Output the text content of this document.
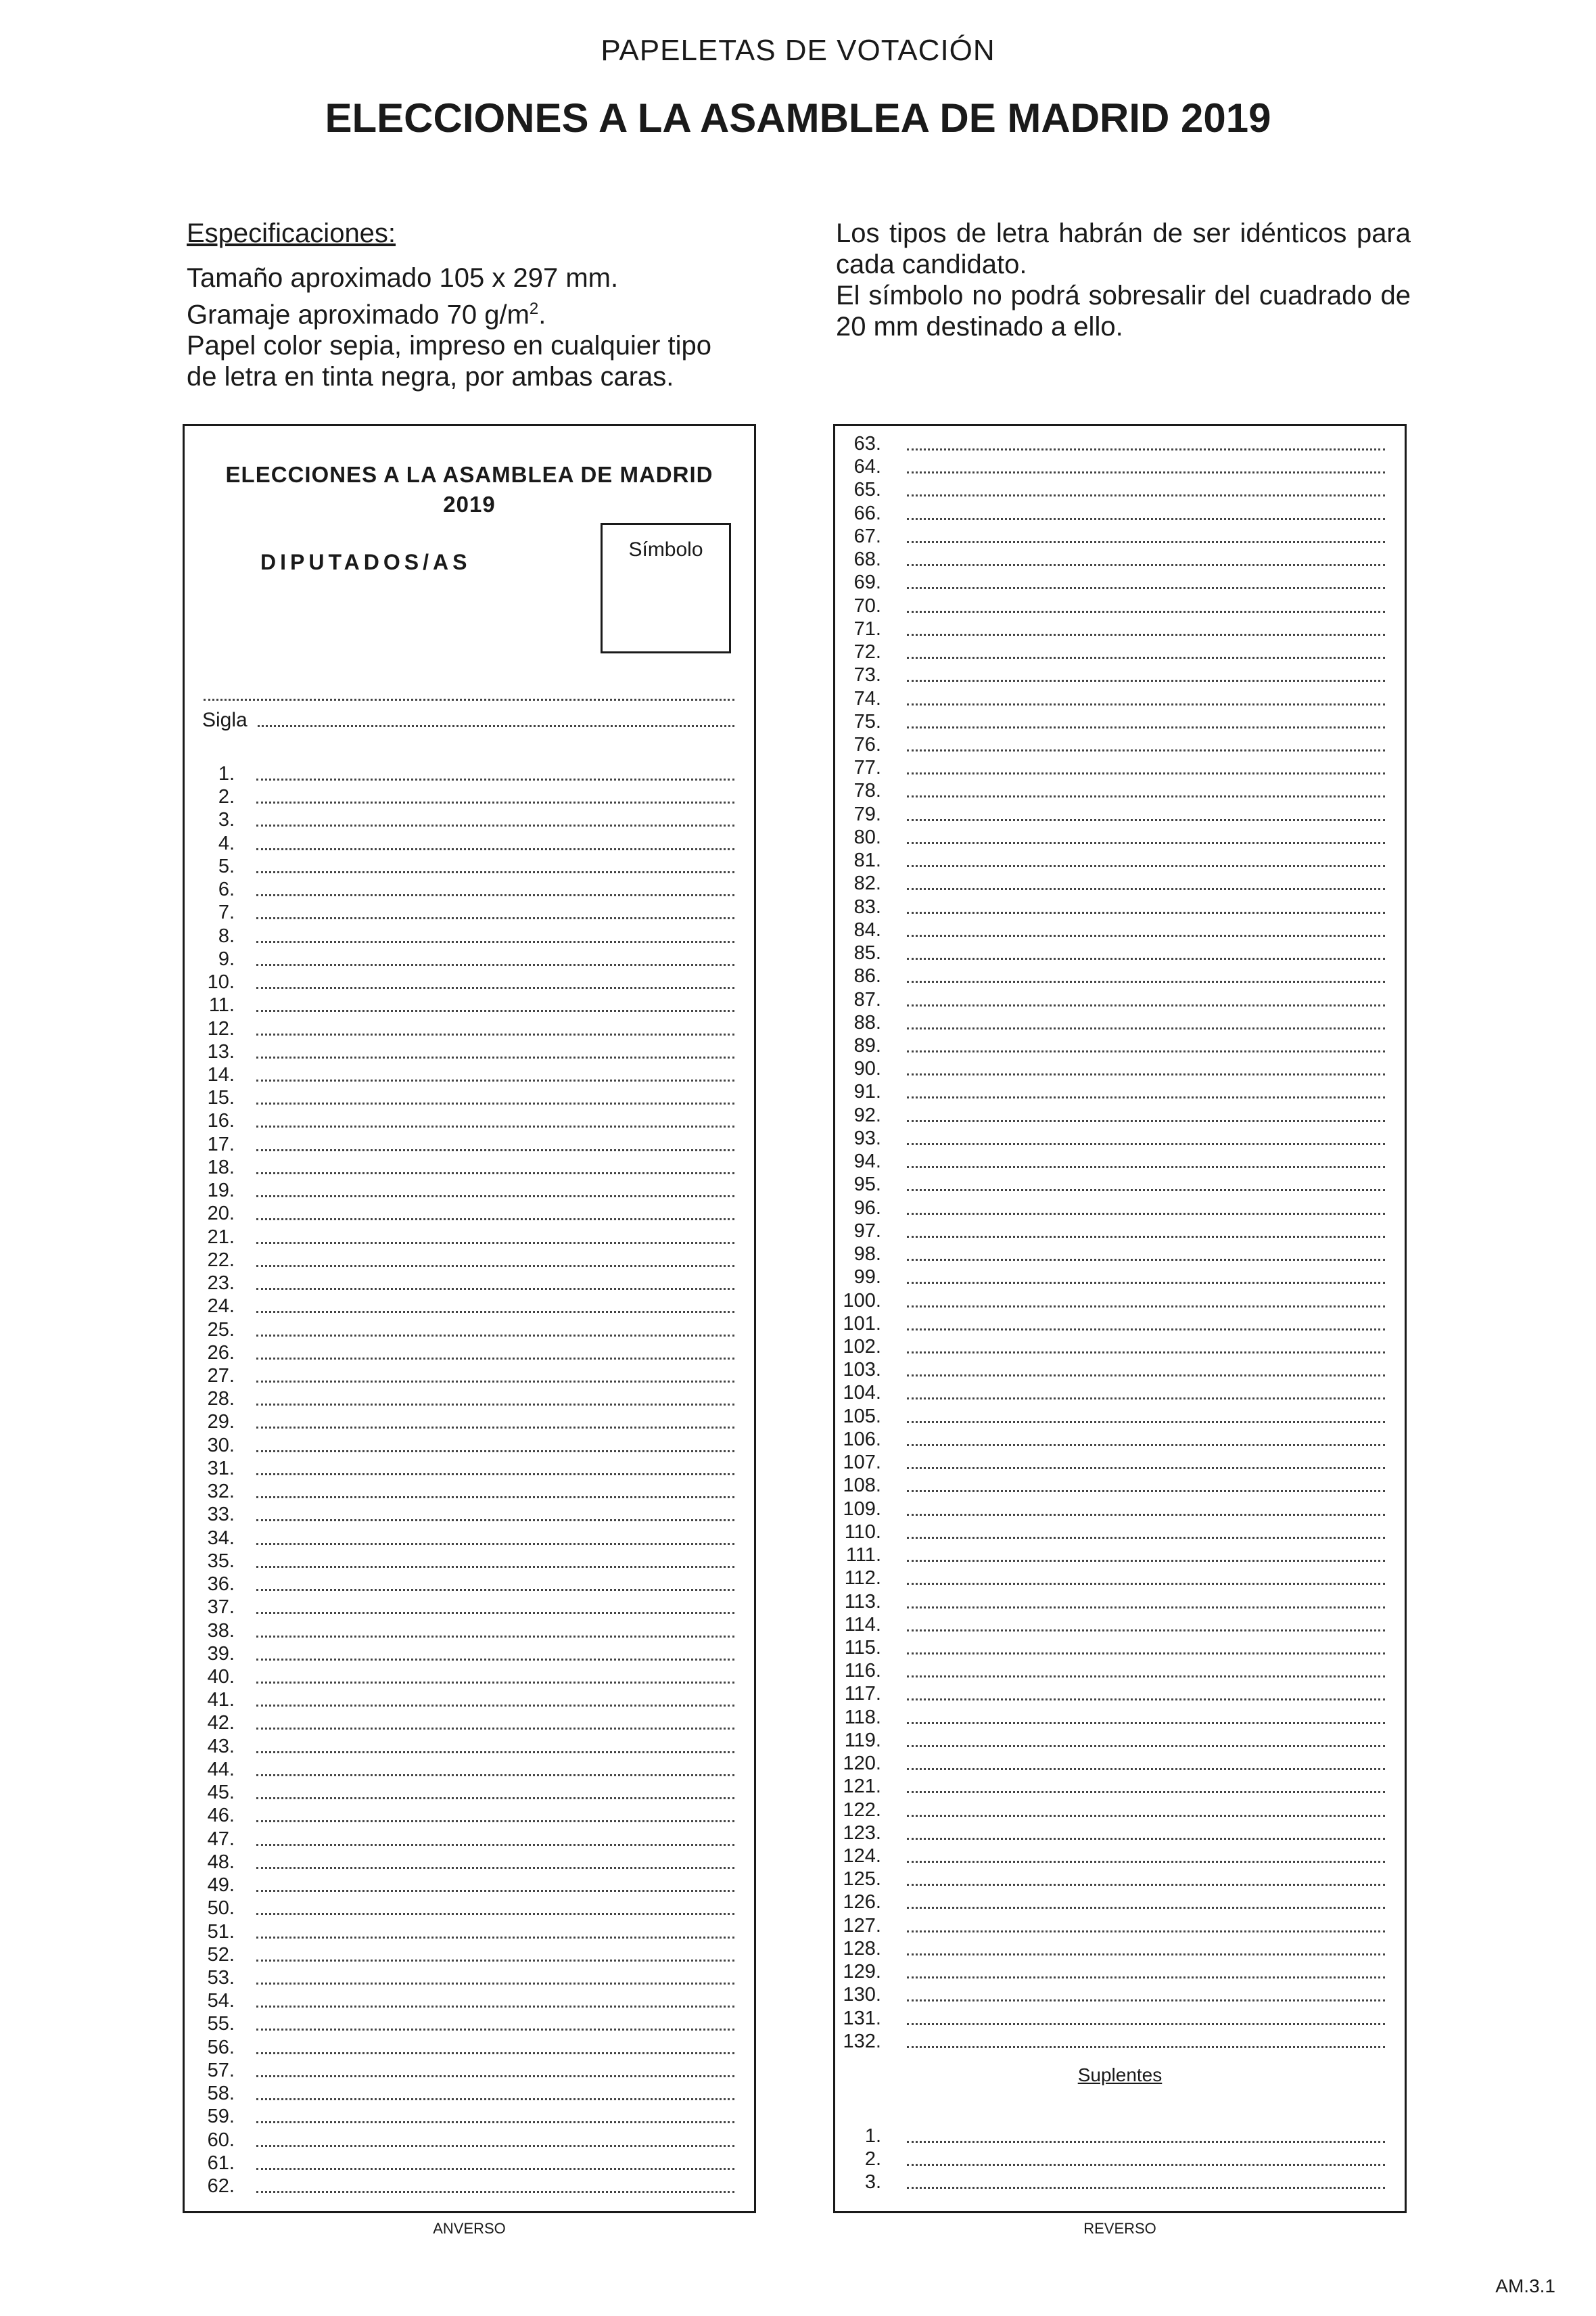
PAPELETAS DE VOTACIÓN
ELECCIONES A LA ASAMBLEA DE MADRID 2019
Especificaciones:
Tamaño aproximado 105 x 297 mm.
Gramaje aproximado 70 $g/m^2$.
Papel color sepia, impreso en cualquier tipo
de letra en tinta negra, por ambas caras.
Los tipos de letra habrán de ser idénticos para cada candidato.
El símbolo no podrá sobresalir del cuadrado de 20 mm destinado a ello.
ELECCIONES A LA ASAMBLEA DE MADRID
2019
DIPUTADOS/AS
Símbolo
Sigla
1.
2.
3.
4.
5.
6.
7.
8.
9.
10.
11.
12.
13.
14.
15.
16.
17.
18.
19.
20.
21.
22.
23.
24.
25.
26.
27.
28.
29.
30.
31.
32.
33.
34.
35.
36.
37.
38.
39.
40.
41.
42.
43.
44.
45.
46.
47.
48.
49.
50.
51.
52.
53.
54.
55.
56.
57.
58.
59.
60.
61.
62.
Suplentes
63.
64.
65.
66.
67.
68.
69.
70.
71.
72.
73.
74.
75.
76.
77.
78.
79.
80.
81.
82.
83.
84.
85.
86.
87.
88.
89.
90.
91.
92.
93.
94.
95.
96.
97.
98.
99.
100.
101.
102.
103.
104.
105.
106.
107.
108.
109.
110.
111.
112.
113.
114.
115.
116.
117.
118.
119.
120.
121.
122.
123.
124.
125.
126.
127.
128.
129.
130.
131.
132.
1.
2.
3.
ANVERSO	REVERSO
AM.3.1
